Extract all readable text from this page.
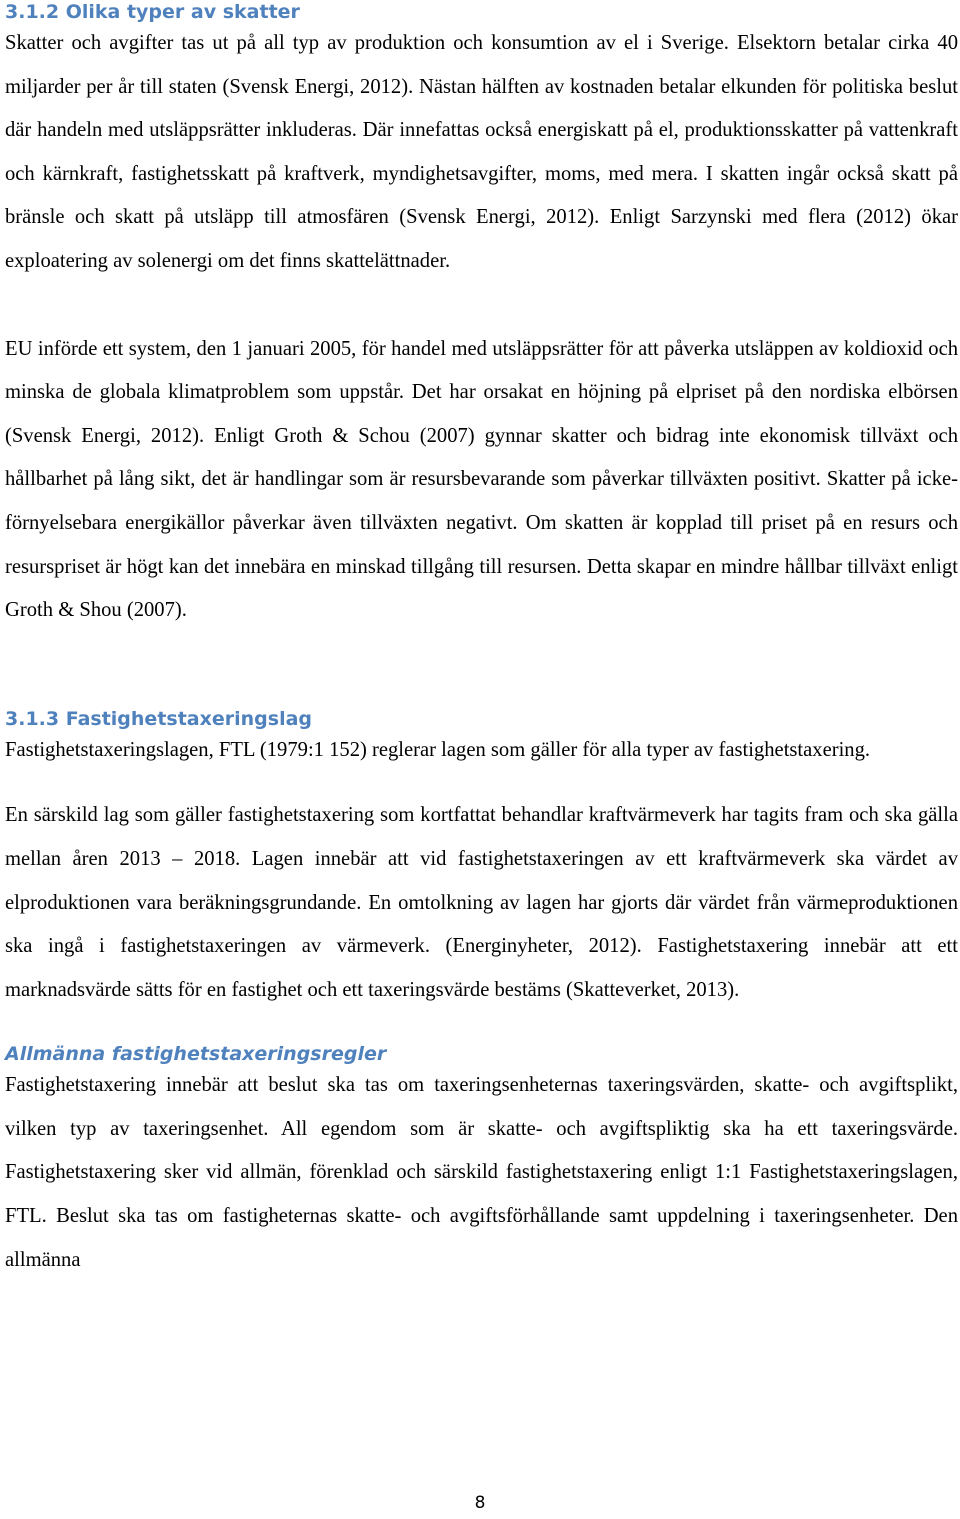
3.1.2 Olika typer av skatter

Skatter och avgifter tas ut på all typ av produktion och konsumtion av el i Sverige. Elsektorn betalar cirka 40 miljarder per år till staten (Svensk Energi, 2012). Nästan hälften av kostnaden betalar elkunden för politiska beslut där handeln med utsläppsrätter inkluderas. Där innefattas också energiskatt på el, produktionsskatter på vattenkraft och kärnkraft, fastighetsskatt på kraftverk, myndighetsavgifter, moms, med mera. I skatten ingår också skatt på bränsle och skatt på utsläpp till atmosfären (Svensk Energi, 2012). Enligt Sarzynski med flera (2012) ökar exploatering av solenergi om det finns skattelättnader.

EU införde ett system, den 1 januari 2005, för handel med utsläppsrätter för att påverka utsläppen av koldioxid och minska de globala klimatproblem som uppstår. Det har orsakat en höjning på elpriset på den nordiska elbörsen (Svensk Energi, 2012). Enligt Groth & Schou (2007) gynnar skatter och bidrag inte ekonomisk tillväxt och hållbarhet på lång sikt, det är handlingar som är resursbevarande som påverkar tillväxten positivt. Skatter på icke-förnyelsebara energikällor påverkar även tillväxten negativt. Om skatten är kopplad till priset på en resurs och resurspriset är högt kan det innebära en minskad tillgång till resursen. Detta skapar en mindre hållbar tillväxt enligt Groth & Shou (2007).

3.1.3 Fastighetstaxeringslag

Fastighetstaxeringslagen, FTL (1979:1 152) reglerar lagen som gäller för alla typer av fastighetstaxering.

En särskild lag som gäller fastighetstaxering som kortfattat behandlar kraftvärmeverk har tagits fram och ska gälla mellan åren 2013 – 2018. Lagen innebär att vid fastighetstaxeringen av ett kraftvärmeverk ska värdet av elproduktionen vara beräkningsgrundande. En omtolkning av lagen har gjorts där värdet från värmeproduktionen ska ingå i fastighetstaxeringen av värmeverk. (Energinyheter, 2012). Fastighetstaxering innebär att ett marknadsvärde sätts för en fastighet och ett taxeringsvärde bestäms (Skatteverket, 2013).

Allmänna fastighetstaxeringsregler

Fastighetstaxering innebär att beslut ska tas om taxeringsenheternas taxeringsvärden, skatte- och avgiftsplikt, vilken typ av taxeringsenhet. All egendom som är skatte- och avgiftspliktig ska ha ett taxeringsvärde. Fastighetstaxering sker vid allmän, förenklad och särskild fastighetstaxering enligt 1:1 Fastighetstaxeringslagen, FTL. Beslut ska tas om fastigheternas skatte- och avgiftsförhållande samt uppdelning i taxeringsenheter. Den allmänna

8
